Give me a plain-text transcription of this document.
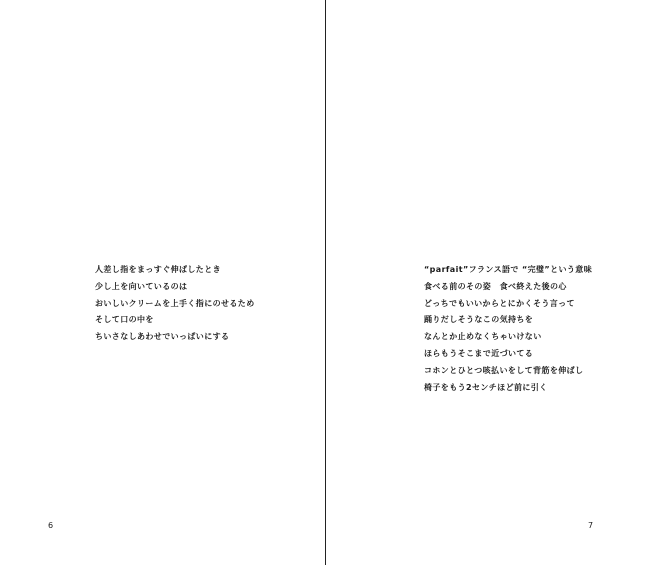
人差し指をまっすぐ伸ばしたとき
少し上を向いているのは
おいしいクリームを上手く指にのせるため
そして口の中を
ちいさなしあわせでいっぱいにする
6
“parfait”フランス語で “完璧”という意味
食べる前のその姿　食べ終えた後の心
どっちでもいいからとにかくそう言って
踊りだしそうなこの気持ちを
なんとか止めなくちゃいけない
ほらもうそこまで近づいてる
コホンとひとつ咳払いをして背筋を伸ばし
椅子をもう2センチほど前に引く
7
